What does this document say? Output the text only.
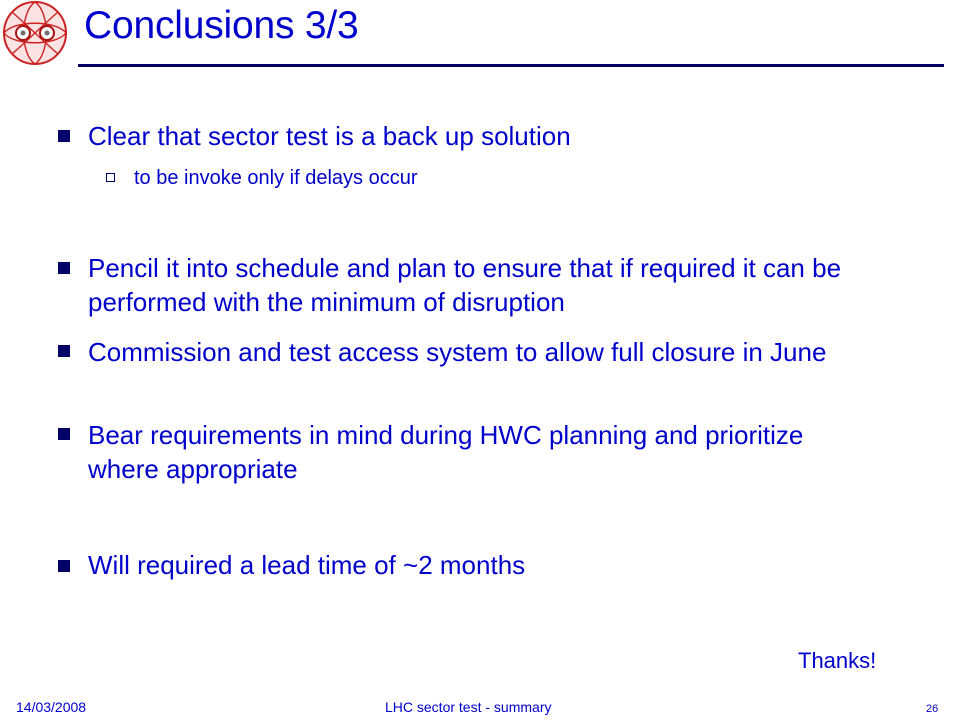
Conclusions 3/3
Clear that sector test is a back up solution
to be invoke only if delays occur
Pencil it into schedule and plan to ensure that if required it can be performed with the minimum of disruption
Commission and test access system to allow full closure in June
Bear requirements in mind during HWC planning and prioritize where appropriate
Will required a lead time of ~2 months
Thanks!
14/03/2008	LHC sector test - summary	26
